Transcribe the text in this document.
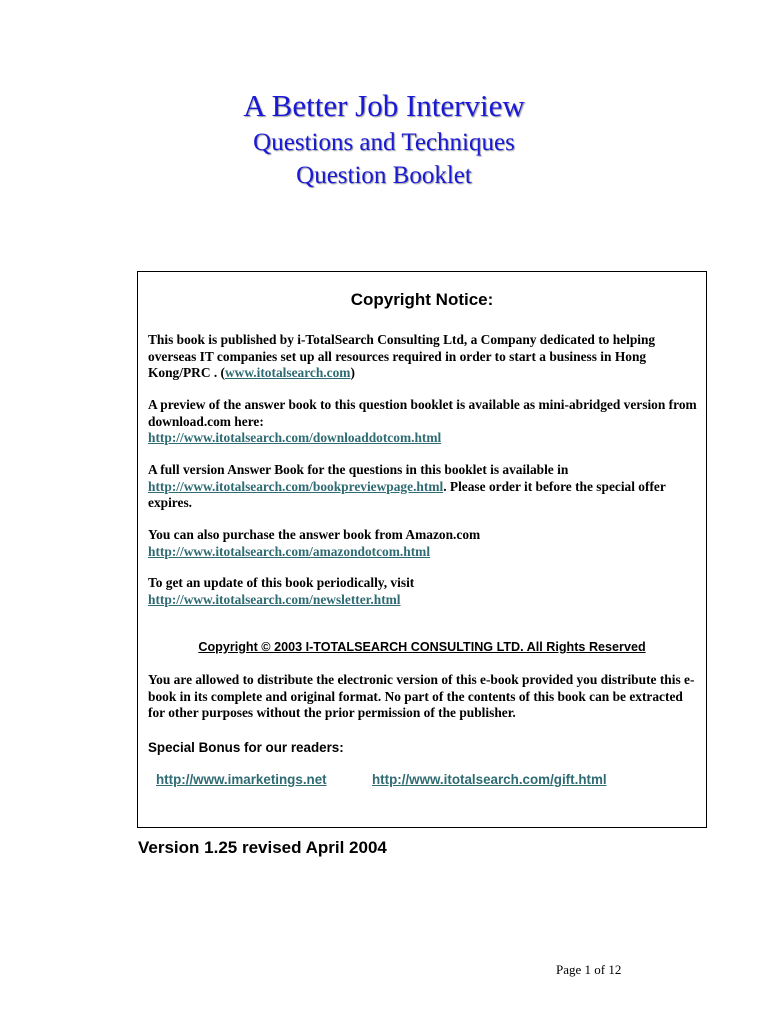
A Better Job Interview
Questions and Techniques
Question Booklet
Copyright Notice:
This book is published by i-TotalSearch Consulting Ltd, a Company dedicated to helping overseas IT companies set up all resources required in order to start a business in Hong Kong/PRC . (www.itotalsearch.com)
A preview of the answer book to this question booklet is available as mini-abridged version from download.com here:
http://www.itotalsearch.com/downloaddotcom.html
A full version Answer Book for the questions in this booklet is available in
http://www.itotalsearch.com/bookpreviewpage.html. Please order it before the special offer expires.
You can also purchase the answer book from Amazon.com
http://www.itotalsearch.com/amazondotcom.html
To get an update of this book periodically, visit
http://www.itotalsearch.com/newsletter.html
Copyright © 2003 I-TOTALSEARCH CONSULTING LTD. All Rights Reserved
You are allowed to distribute the electronic version of this e-book provided you distribute this e-book in its complete and original format. No part of the contents of this book can be extracted for other purposes without the prior permission of the publisher.
Special Bonus for our readers:
http://www.imarketings.net	http://www.itotalsearch.com/gift.html
Version 1.25 revised April 2004
Page 1 of 12
